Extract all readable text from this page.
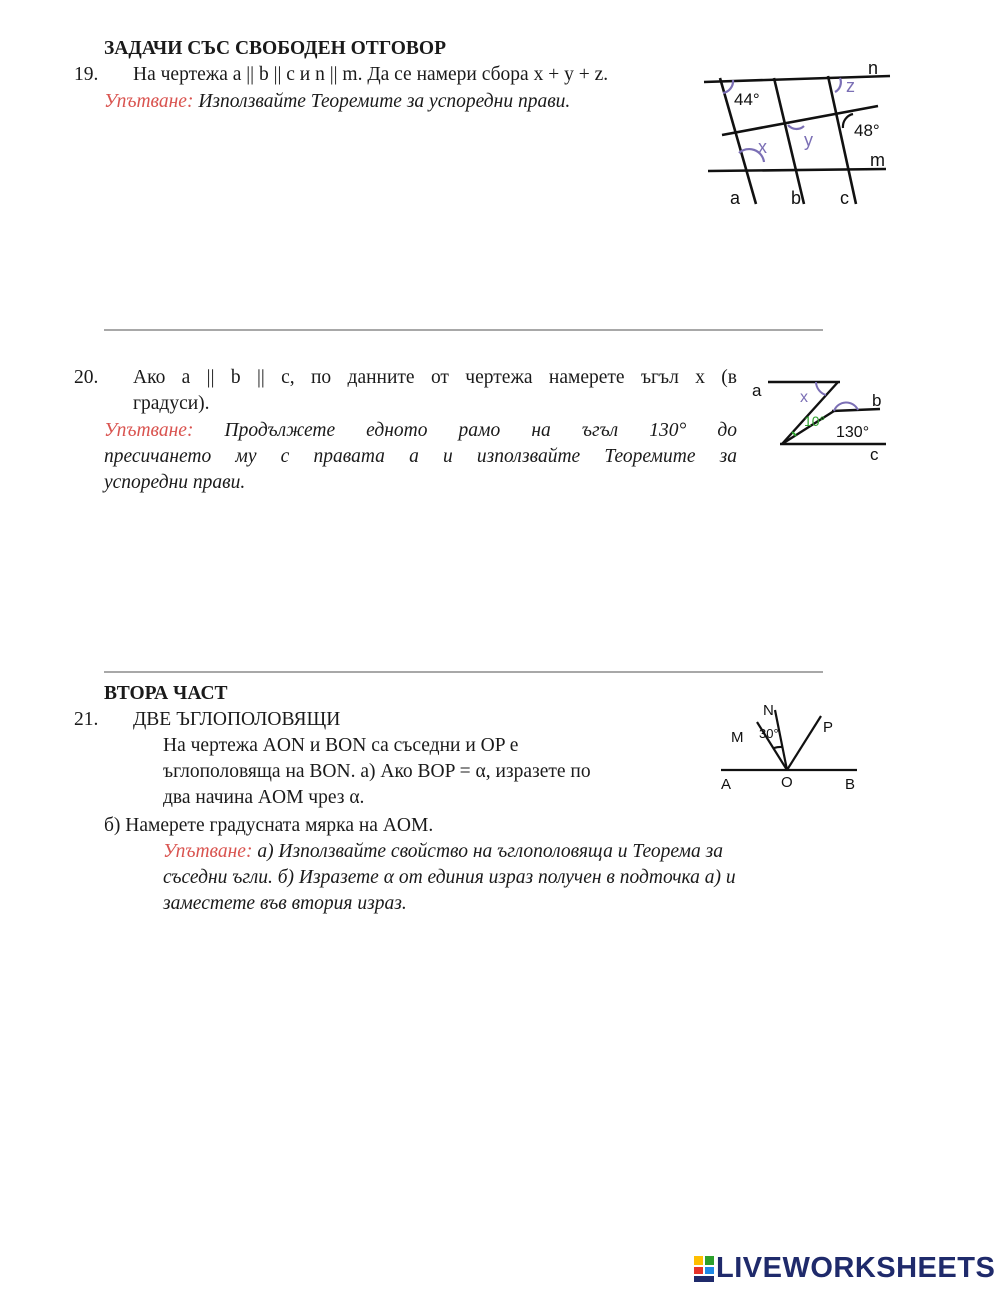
ЗАДАЧИ СЪС СВОБОДЕН ОТГОВОР
19. На чертежа a || b || c и n || m. Да се намери сбора x + y + z.
Упътване: Използвайте Теоремите за успоредни прави.	44°
48°
z
y
x
n
m
a	b c
20. Ако a || b || c, по данните от чертежа намерете ъгъл x (в
градуси).
Упътване: Продължете едното рамо на ъгъл 130° до
пресичането му с правата a и използвайте Теоремите за
успоредни прави.
a
b
c
x
10°
130°
ВТОРА ЧАСТ
21. ДВЕ ЪГЛОПОЛОВЯЩИ
На чертежа AON и BON са съседни и OP е
ъглополовяща на BON. а) Ако BOP = α, изразете по
два начина AOM чрез α.
б) Намерете градусната мярка на AOM.
Упътване: а) Използвайте свойство на ъглополовяща и Теорема за
съседни ъгли. б) Изразете α от единия израз получен в подточка а) и
заместете във втория израз.
N
M
P
A	O	B
30°
LIVEWORKSHEETS
